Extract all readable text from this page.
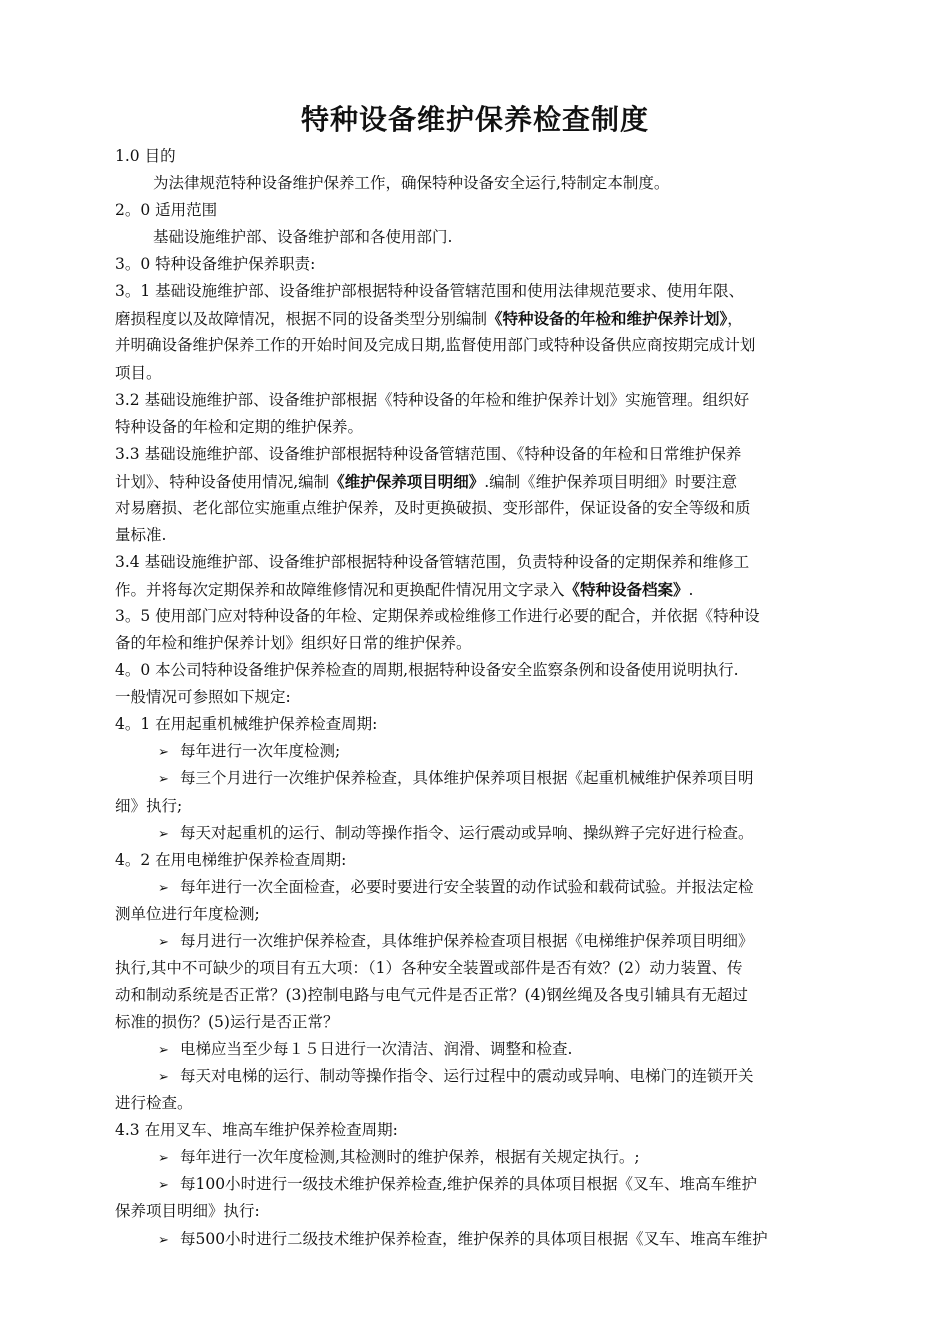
特种设备维护保养检查制度
1.0 目的
为法律规范特种设备维护保养工作，确保特种设备安全运行,特制定本制度。
2。0 适用范围
基础设施维护部、设备维护部和各使用部门.
3。0 特种设备维护保养职责:
3。1 基础设施维护部、设备维护部根据特种设备管辖范围和使用法律规范要求、使用年限、
磨损程度以及故障情况，根据不同的设备类型分别编制《特种设备的年检和维护保养计划》，
并明确设备维护保养工作的开始时间及完成日期,监督使用部门或特种设备供应商按期完成计划
项目。
3.2 基础设施维护部、设备维护部根据《特种设备的年检和维护保养计划》实施管理。组织好
特种设备的年检和定期的维护保养。
3.3 基础设施维护部、设备维护部根据特种设备管辖范围、《特种设备的年检和日常维护保养
计划》、特种设备使用情况,编制《维护保养项目明细》.编制《维护保养项目明细》时要注意
对易磨损、老化部位实施重点维护保养，及时更换破损、变形部件，保证设备的安全等级和质
量标准.
3.4 基础设施维护部、设备维护部根据特种设备管辖范围，负责特种设备的定期保养和维修工
作。并将每次定期保养和故障维修情况和更换配件情况用文字录入《特种设备档案》.
3。5 使用部门应对特种设备的年检、定期保养或检维修工作进行必要的配合，并依据《特种设
备的年检和维护保养计划》组织好日常的维护保养。
4。0 本公司特种设备维护保养检查的周期,根据特种设备安全监察条例和设备使用说明执行.
一般情况可参照如下规定:
4。1 在用起重机械维护保养检查周期:
➢ 每年进行一次年度检测;
➢ 每三个月进行一次维护保养检查，具体维护保养项目根据《起重机械维护保养项目明
细》执行;
➢ 每天对起重机的运行、制动等操作指令、运行震动或异响、操纵辫子完好进行检查。
4。2 在用电梯维护保养检查周期:
➢ 每年进行一次全面检查，必要时要进行安全装置的动作试验和载荷试验。并报法定检
测单位进行年度检测;
➢ 每月进行一次维护保养检查，具体维护保养检查项目根据《电梯维护保养项目明细》
执行,其中不可缺少的项目有五大项：（1）各种安全装置或部件是否有效？(2）动力装置、传
动和制动系统是否正常？(3)控制电路与电气元件是否正常？(4)钢丝绳及各曳引辅具有无超过
标准的损伤？(5)运行是否正常？
➢ 电梯应当至少每１５日进行一次清洁、润滑、调整和检查.
➢ 每天对电梯的运行、制动等操作指令、运行过程中的震动或异响、电梯门的连锁开关
进行检查。
4.3 在用叉车、堆高车维护保养检查周期:
➢ 每年进行一次年度检测,其检测时的维护保养，根据有关规定执行。;
➢ 每100小时进行一级技术维护保养检查,维护保养的具体项目根据《叉车、堆高车维护
保养项目明细》执行:
➢ 每500小时进行二级技术维护保养检查，维护保养的具体项目根据《叉车、堆高车维护
